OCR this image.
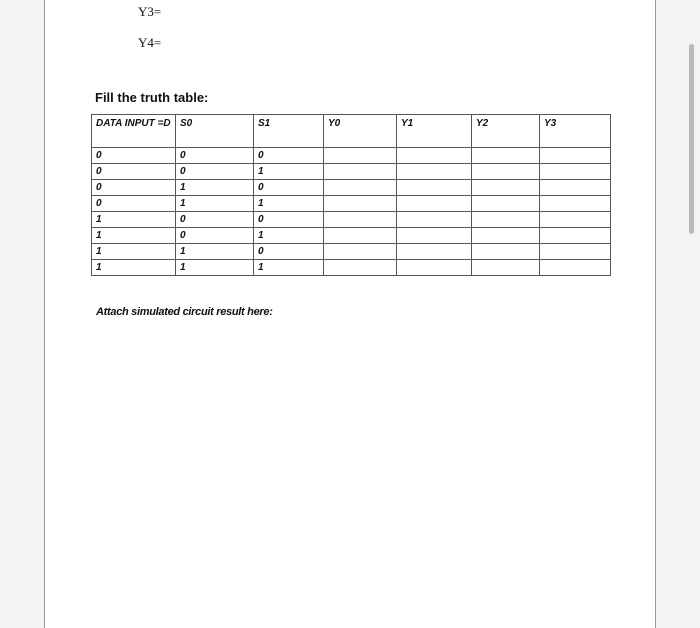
Y3=
Y4=
Fill the truth table:
DATA INPUT =D	S0	S1	Y0	Y1	Y2	Y3
0	0	0				
0	0	1				
0	1	0				
0	1	1				
1	0	0				
1	0	1				
1	1	0				
1	1	1				
Attach simulated circuit result here:
